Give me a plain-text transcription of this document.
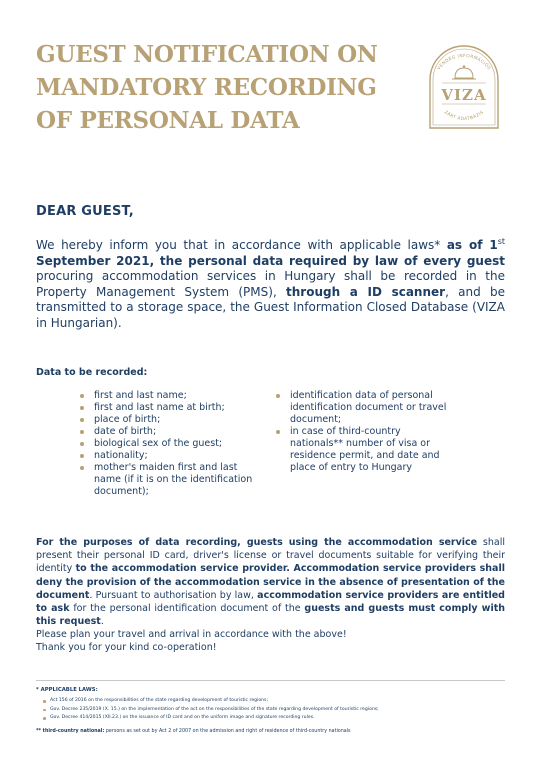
GUEST NOTIFICATION ON
MANDATORY RECORDING
OF PERSONAL DATA
VENDÉG INFORMÁCIÓS
VIZA
ZÁRT ADATBÁZIS
DEAR GUEST,

We hereby inform you that in accordance with applicable laws* as of 1st September 2021, the personal data required by law of every guest procuring accommodation services in Hungary shall be recorded in the Property Management System (PMS), through a ID scanner, and be transmitted to a storage space, the Guest Information Closed Database (VIZA in Hungarian).

Data to be recorded:
first and last name;
first and last name at birth;
place of birth;
date of birth;
biological sex of the guest;
nationality;
mother's maiden first and last name (if it is on the identification document);
identification data of personal identification document or travel document;
in case of third-country nationals** number of visa or residence permit, and date and place of entry to Hungary

For the purposes of data recording, guests using the accommodation service shall present their personal ID card, driver's license or travel documents suitable for verifying their identity to the accommodation service provider. Accommodation service providers shall deny the provision of the accommodation service in the absence of presentation of the document. Pursuant to authorisation by law, accommodation service providers are entitled to ask for the personal identification document of the guests and guests must comply with this request.

Please plan your travel and arrival in accordance with the above!
Thank you for your kind co-operation!

* APPLICABLE LAWS:

Act 156 of 2016 on the responsibilities of the state regarding development of touristic regions;
Gov. Decree 235/2019 (X. 15.) on the implementation of the act on the responsibilities of the state regarding development of touristic regions;
Gov. Decree 414/2015 (XII.23.) on the issuance of ID card and on the uniform image and signature recording rules.

** third-country national: persons as set out by Act 2 of 2007 on the admission and right of residence of third-country nationals
